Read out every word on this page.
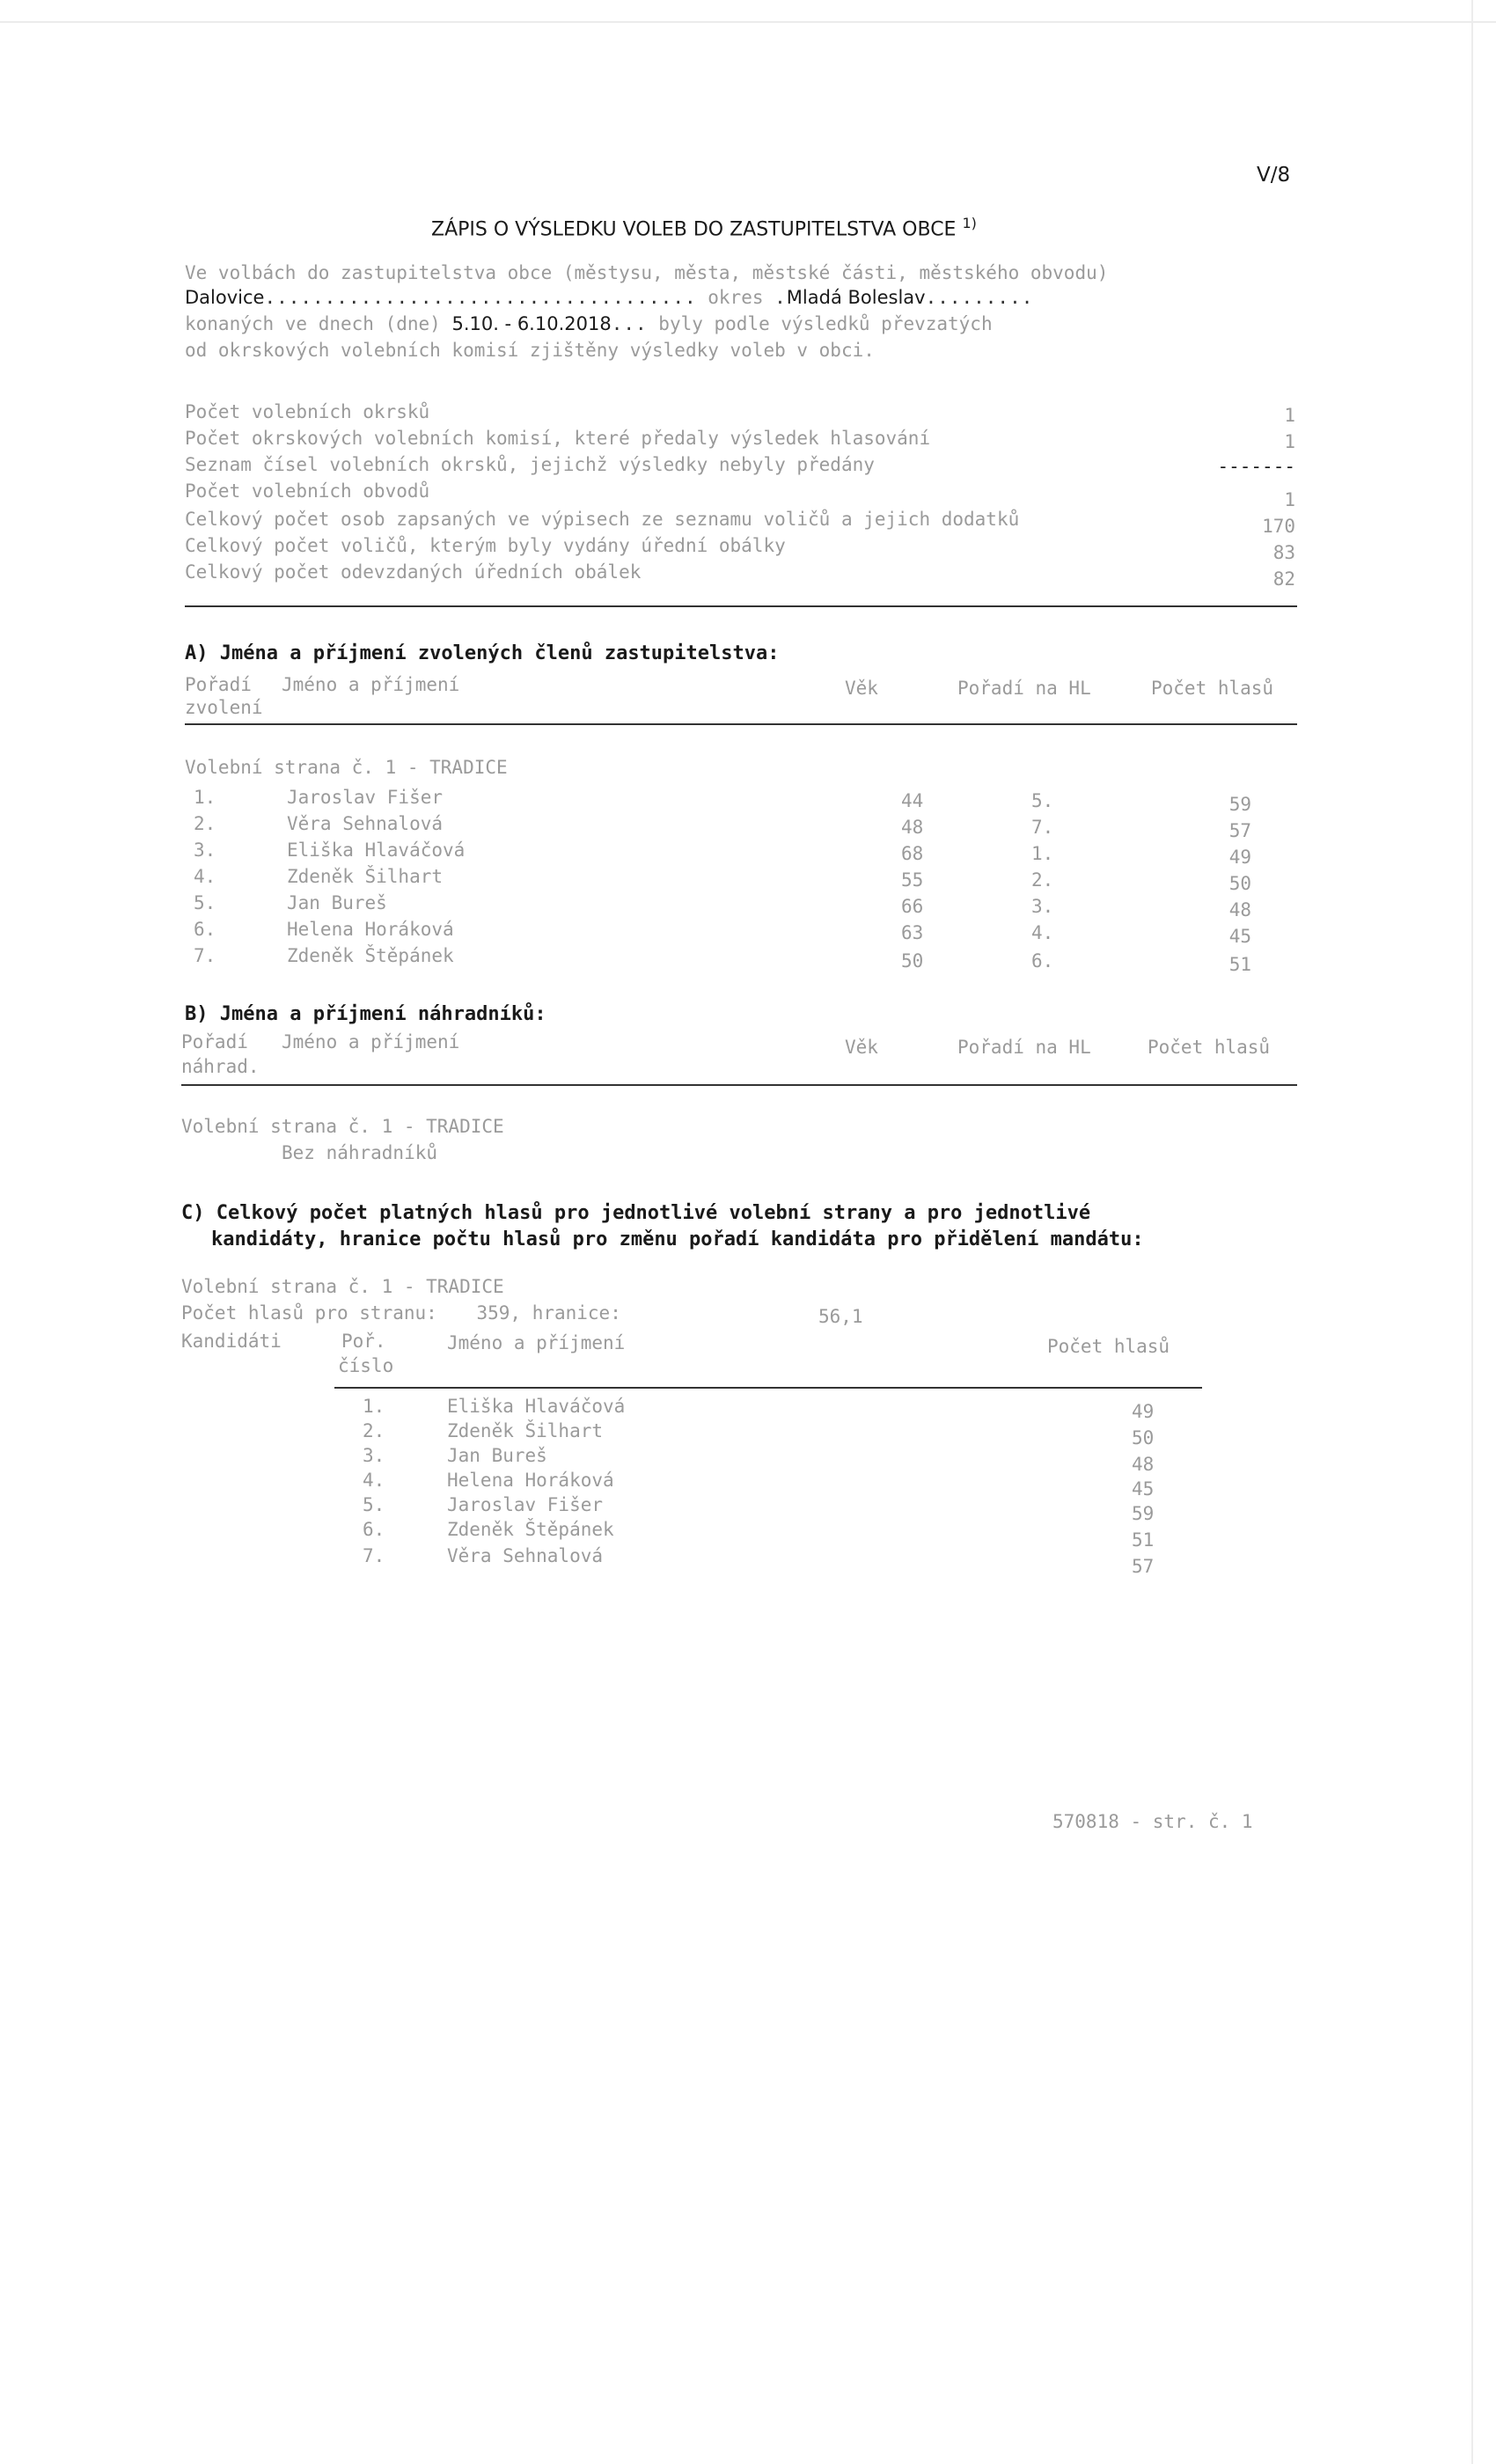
V/8
ZÁPIS O VÝSLEDKU VOLEB DO ZASTUPITELSTVA OBCE $^{1)}$
Ve volbách do zastupitelstva obce (městysu, města, městské části, městského obvodu)
Dalovice.................................... okres .Mladá Boleslav.........
konaných ve dnech (dne) 5.10. - 6.10.2018... byly podle výsledků převzatých
od okrskových volebních komisí zjištěny výsledky voleb v obci.
Počet volebních okrsků	1
Počet okrskových volebních komisí, které předaly výsledek hlasování	1
Seznam čísel volebních okrsků, jejichž výsledky nebyly předány	-------
Počet volebních obvodů	1
Celkový počet osob zapsaných ve výpisech ze seznamu voličů a jejich dodatků	170
Celkový počet voličů, kterým byly vydány úřední obálky	83
Celkový počet odevzdaných úředních obálek	82
A) Jména a příjmení zvolených členů zastupitelstva:
Pořadí
zvolení
Jméno a příjmení	Věk	Pořadí na HL	Počet hlasů
Volební strana č. 1 - TRADICE
1.	Jaroslav Fišer	44	5.	59
2.	Věra Sehnalová	48	7.	57
3.	Eliška Hlaváčová	68	1.	49
4.	Zdeněk Šilhart	55	2.	50
5.	Jan Bureš	66	3.	48
6.	Helena Horáková	63	4.	45
7.	Zdeněk Štěpánek	50	6.	51
B) Jména a příjmení náhradníků:
Pořadí
náhrad.
Jméno a příjmení	Věk	Pořadí na HL	Počet hlasů
Volební strana č. 1 - TRADICE
Bez náhradníků
C) Celkový počet platných hlasů pro jednotlivé volební strany a pro jednotlivé
kandidáty, hranice počtu hlasů pro změnu pořadí kandidáta pro přidělení mandátu:
Volební strana č. 1 - TRADICE
Počet hlasů pro stranu: 359, hranice:	56,1
Kandidáti	Poř.
číslo
Jméno a příjmení	Počet hlasů
1.	Eliška Hlaváčová	49
2.	Zdeněk Šilhart	50
3.	Jan Bureš	48
4.	Helena Horáková	45
5.	Jaroslav Fišer	59
6.	Zdeněk Štěpánek	51
7.	Věra Sehnalová	57
570818 - str. č. 1
